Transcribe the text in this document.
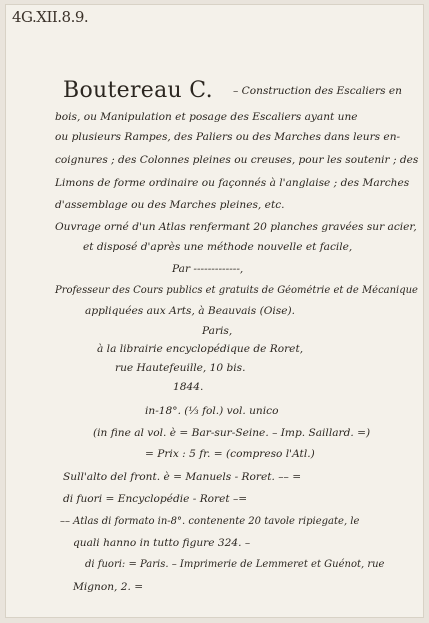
4G.XII.8.9.
Boutereau C. – Construction des Escaliers en
bois, ou Manipulation et posage des Escaliers ayant une
ou plusieurs Rampes, des Paliers ou des Marches dans leurs en-
coignures ; des Colonnes pleines ou creuses, pour les soutenir ; des
Limons de forme ordinaire ou façonnés à l'anglaise ; des Marches
d'assemblage ou des Marches pleines, etc.
Ouvrage orné d'un Atlas renfermant 20 planches gravées sur acier,
et disposé d'après une méthode nouvelle et facile,
Par -------------,
Professeur des Cours publics et gratuits de Géométrie et de Mécanique
appliquées aux Arts, à Beauvais (Oise).
Paris,
à la librairie encyclopédique de Roret,
rue Hautefeuille, 10 bis.
1844.
in-18°. (⅓ fol.) vol. unico
(in fine al vol. è = Bar-sur-Seine. – Imp. Saillard. =)
= Prix : 5 fr. = (compreso l'Atl.)
Sull'alto del front. è = Manuels - Roret. –– =
di fuori = Encyclopédie - Roret –=
–– Atlas di formato in-8°. contenente 20 tavole ripiegate, le
quali hanno in tutto figure 324. –
di fuori: = Paris. – Imprimerie de Lemmeret et Guénot, rue
Mignon, 2. =
